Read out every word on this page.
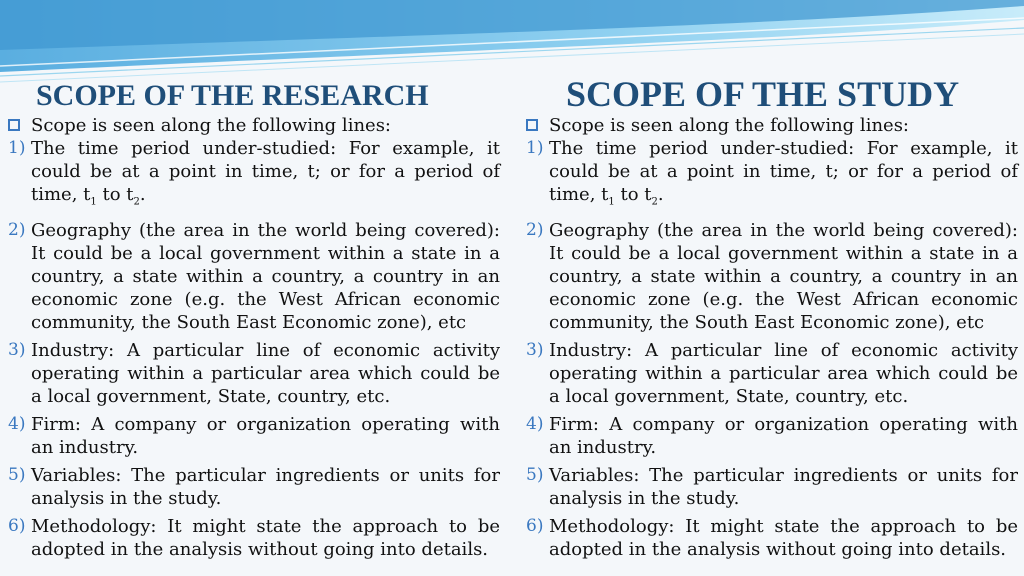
SCOPE OF THE RESEARCH
Scope is seen along the following lines:
1) The time period under-studied: For example, it could be at a point in time, t; or for a period of time, $t_1$ to $t_2$.
2) Geography (the area in the world being covered): It could be a local government within a state in a country, a state within a country, a country in an economic zone (e.g. the West African economic community, the South East Economic zone), etc
3) Industry: A particular line of economic activity operating within a particular area which could be a local government, State, country, etc.
4) Firm: A company or organization operating with an industry.
5) Variables: The particular ingredients or units for analysis in the study.
6) Methodology: It might state the approach to be adopted in the analysis without going into details.
SCOPE OF THE STUDY
Scope is seen along the following lines:
1) The time period under-studied: For example, it could be at a point in time, t; or for a period of time, $t_1$ to $t_2$.
2) Geography (the area in the world being covered): It could be a local government within a state in a country, a state within a country, a country in an economic zone (e.g. the West African economic community, the South East Economic zone), etc
3) Industry: A particular line of economic activity operating within a particular area which could be a local government, State, country, etc.
4) Firm: A company or organization operating with an industry.
5) Variables: The particular ingredients or units for analysis in the study.
6) Methodology: It might state the approach to be adopted in the analysis without going into details.
